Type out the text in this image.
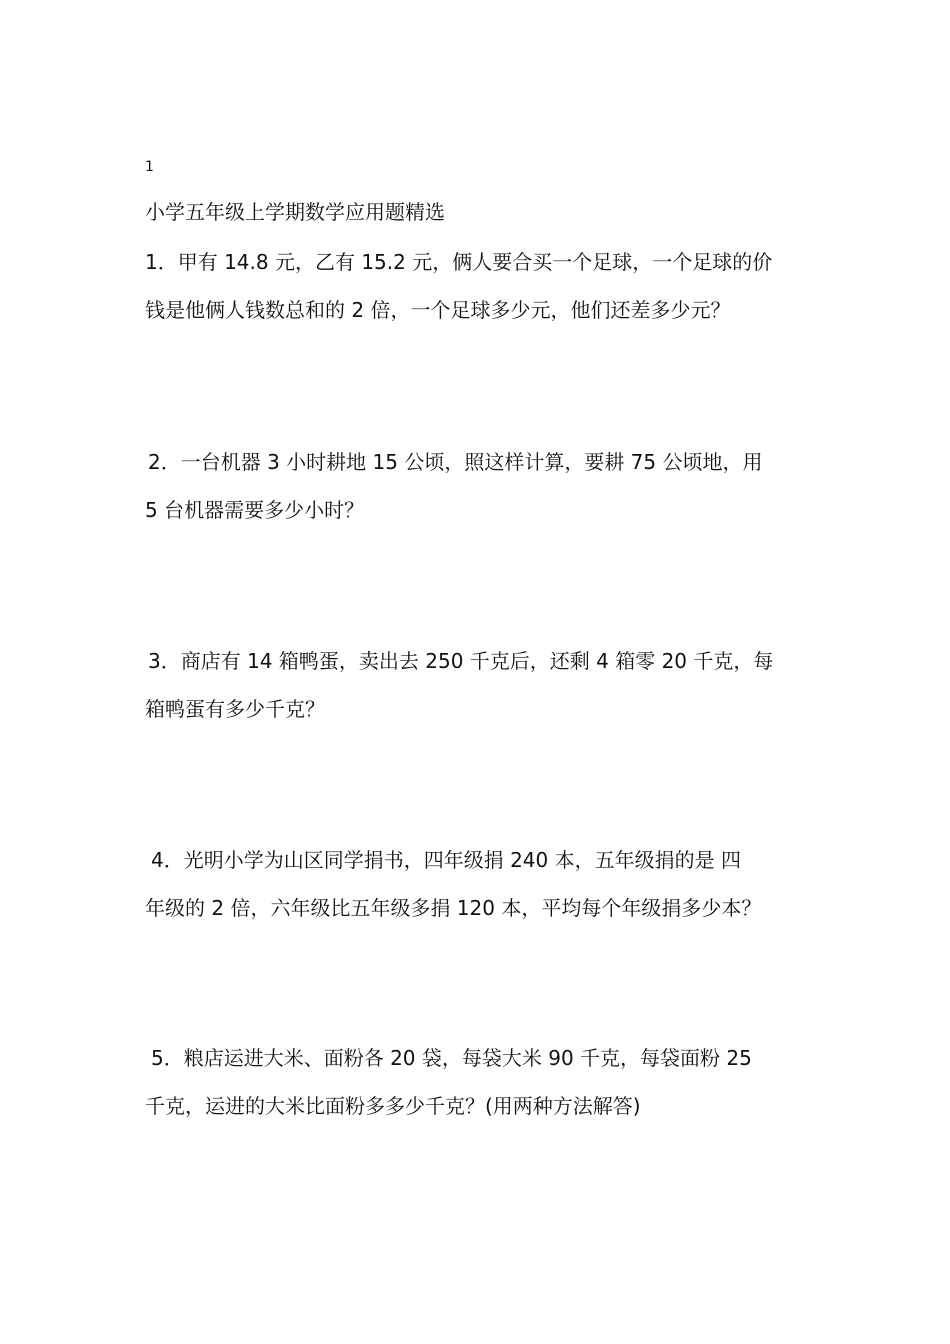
1
小学五年级上学期数学应用题精选
1．甲有 14.8 元，乙有 15.2 元，俩人要合买一个足球，一个足球的价
钱是他俩人钱数总和的 2 倍，一个足球多少元，他们还差多少元？
2．一台机器 3 小时耕地 15 公顷，照这样计算，要耕 75 公顷地，用
5 台机器需要多少小时？
3．商店有 14 箱鸭蛋，卖出去 250 千克后，还剩 4 箱零 20 千克，每
箱鸭蛋有多少千克？
4．光明小学为山区同学捐书，四年级捐 240 本，五年级捐的是 四
年级的 2 倍，六年级比五年级多捐 120 本，平均每个年级捐多少本？
5．粮店运进大米、面粉各 20 袋，每袋大米 90 千克，每袋面粉 25
千克，运进的大米比面粉多多少千克？(用两种方法解答)
